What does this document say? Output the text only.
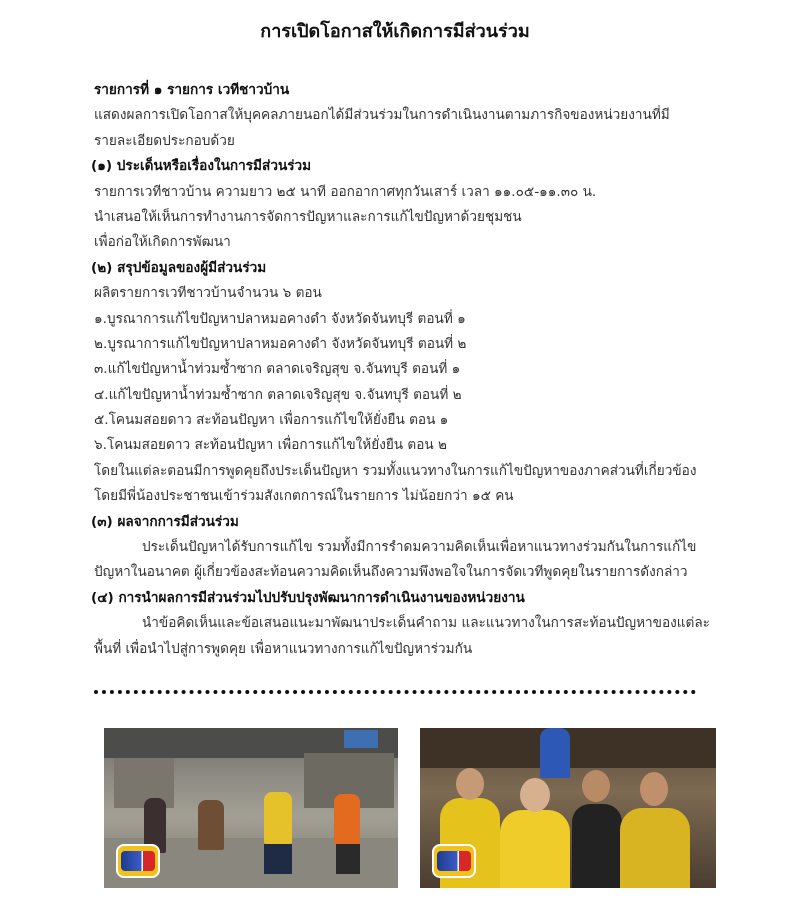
การเปิดโอกาสให้เกิดการมีส่วนร่วม
รายการที่ ๑ รายการ เวทีชาวบ้าน
แสดงผลการเปิดโอกาสให้บุคคลภายนอกได้มีส่วนร่วมในการดำเนินงานตามภารกิจของหน่วยงานที่มี
รายละเอียดประกอบด้วย
(๑) ประเด็นหรือเรื่องในการมีส่วนร่วม
รายการเวทีชาวบ้าน ความยาว ๒๕ นาที ออกอากาศทุกวันเสาร์ เวลา ๑๑.๐๕-๑๑.๓๐ น.
นำเสนอให้เห็นการทำงานการจัดการปัญหาและการแก้ไขปัญหาด้วยชุมชน
เพื่อก่อให้เกิดการพัฒนา
(๒) สรุปข้อมูลของผู้มีส่วนร่วม
ผลิตรายการเวทีชาวบ้านจำนวน ๖ ตอน
๑.บูรณาการแก้ไขปัญหาปลาหมอคางดำ จังหวัดจันทบุรี ตอนที่ ๑
๒.บูรณาการแก้ไขปัญหาปลาหมอคางดำ จังหวัดจันทบุรี ตอนที่ ๒
๓.แก้ไขปัญหาน้ำท่วมซ้ำซาก ตลาดเจริญสุข จ.จันทบุรี ตอนที่ ๑
๔.แก้ไขปัญหาน้ำท่วมซ้ำซาก ตลาดเจริญสุข จ.จันทบุรี ตอนที่ ๒
๕.โคนมสอยดาว สะท้อนปัญหา เพื่อการแก้ไขให้ยั่งยืน ตอน ๑
๖.โคนมสอยดาว สะท้อนปัญหา เพื่อการแก้ไขให้ยั่งยืน ตอน ๒
โดยในแต่ละตอนมีการพูดคุยถึงประเด็นปัญหา รวมทั้งแนวทางในการแก้ไขปัญหาของภาคส่วนที่เกี่ยวข้อง
โดยมีพี่น้องประชาชนเข้าร่วมสังเกตการณ์ในรายการ ไม่น้อยกว่า ๑๕ คน
(๓) ผลจากการมีส่วนร่วม
ประเด็นปัญหาได้รับการแก้ไข รวมทั้งมีการรำดมความคิดเห็นเพื่อหาแนวทางร่วมกันในการแก้ไข
ปัญหาในอนาคต ผู้เกี่ยวข้องสะท้อนความคิดเห็นถึงความพึงพอใจในการจัดเวทีพูดคุยในรายการดังกล่าว
(๔) การนำผลการมีส่วนร่วมไปปรับปรุงพัฒนาการดำเนินงานของหน่วยงาน
นำข้อคิดเห็นและข้อเสนอแนะมาพัฒนาประเด็นคำถาม และแนวทางในการสะท้อนปัญหาของแต่ละ
พื้นที่ เพื่อนำไปสู่การพูดคุย เพื่อหาแนวทางการแก้ไขปัญหาร่วมกัน
